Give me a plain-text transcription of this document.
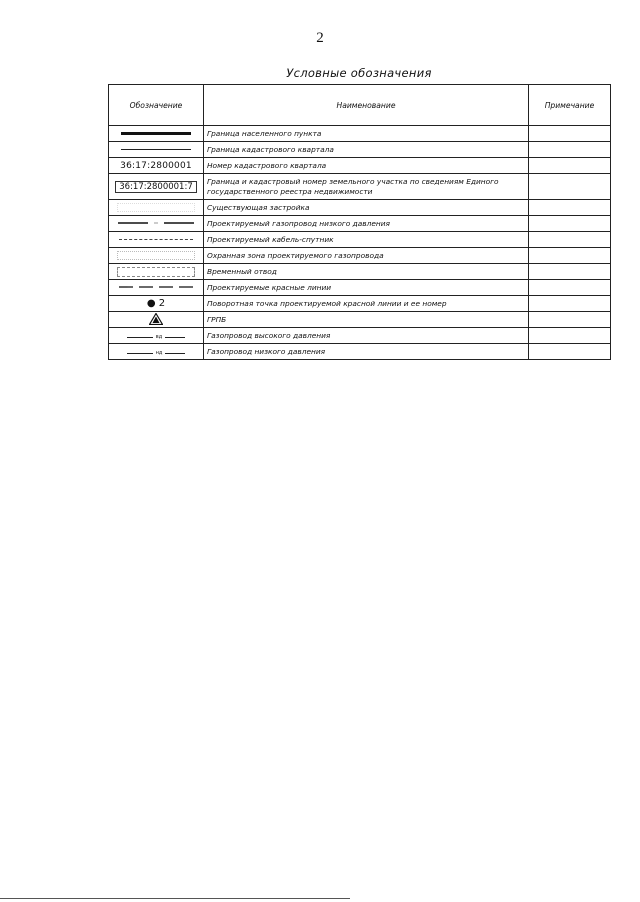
2
Условные обозначения
Обозначение	Наименование	Примечание

	Граница населенного пункта	

	Граница кадастрового квартала	
36:17:2800001	Номер кадастрового квартала	
36:17:2800001:7	Граница и кадастровый номер земельного участка по сведениям Единого государственного реестра недвижимости	

	Существующая застройка	
	Проектируемый газопровод низкого давления	

	Проектируемый кабель-спутник	

	Охранная зона проектируемого газопровода	

	Временный отвод	
	Проектируемые красные линии	
● 2	Поворотная точка проектируемой красной линии и ее номер	
	ГРПБ	

вд	Газопровод высокого давления	

нд	Газопровод низкого давления	
